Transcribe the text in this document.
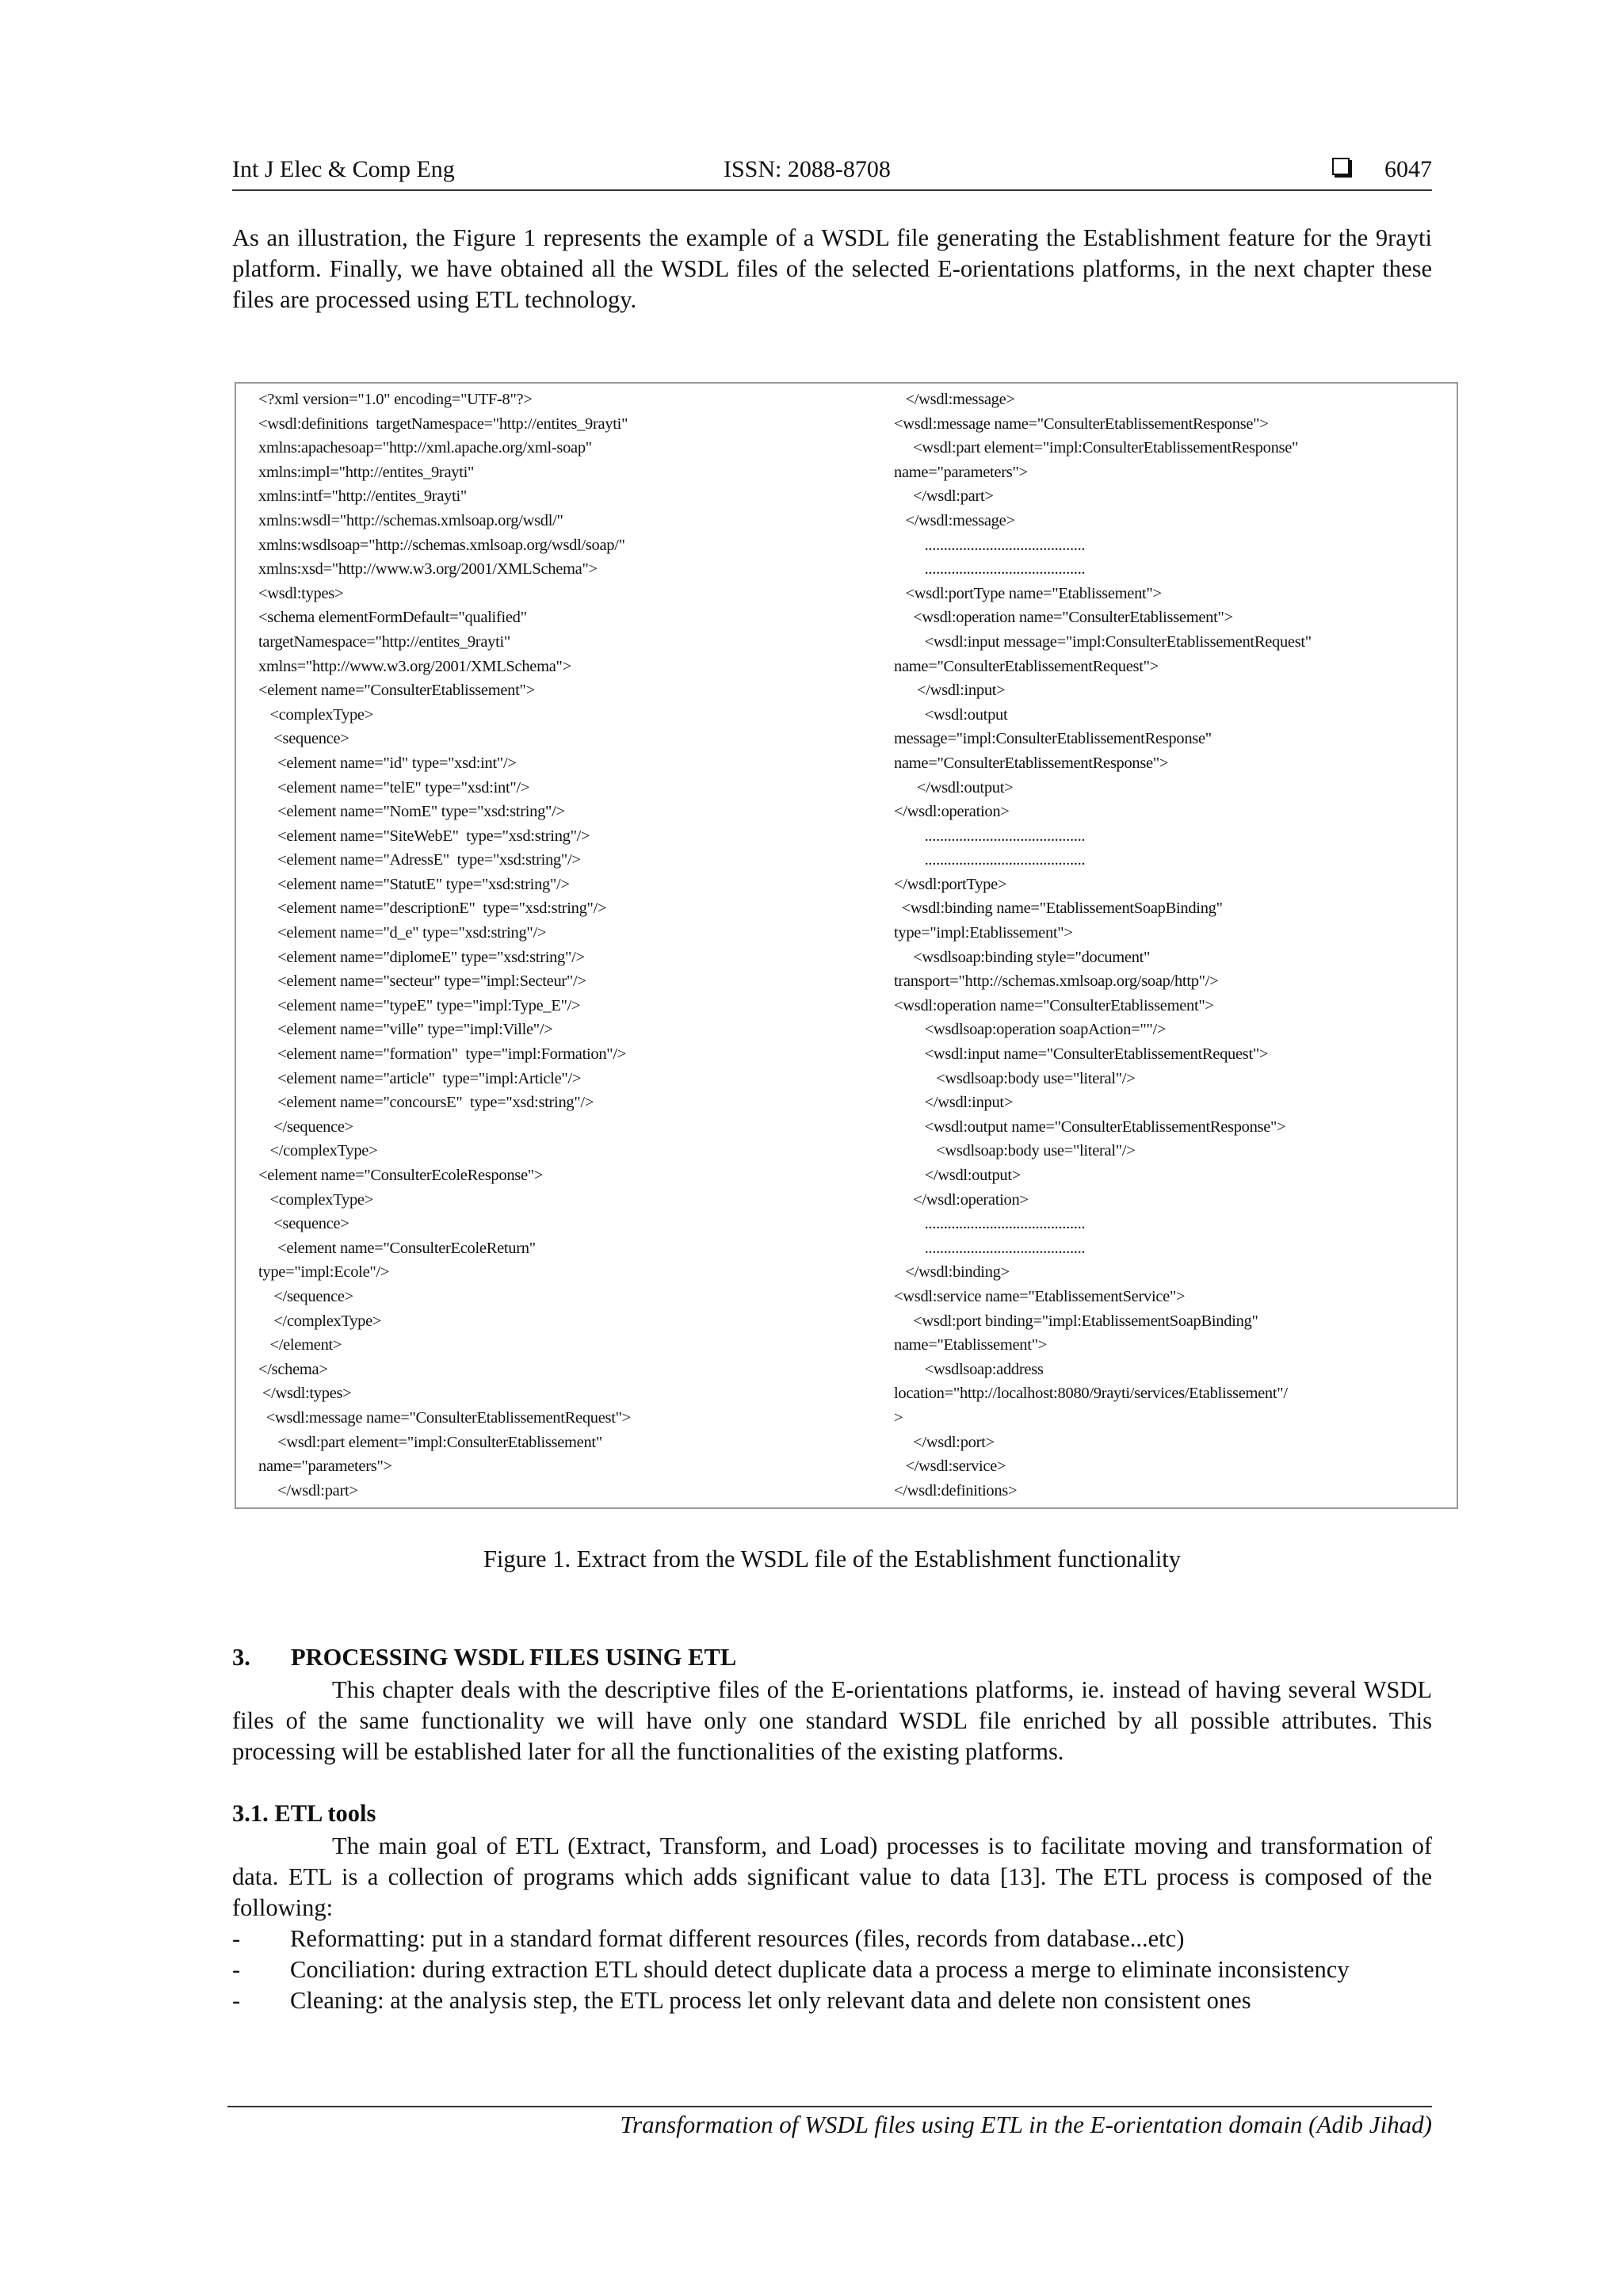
Int J Elec & Comp Eng	ISSN: 2088-8708	6047
As an illustration, the Figure 1 represents the example of a WSDL file generating the Establishment feature for the 9rayti platform. Finally, we have obtained all the WSDL files of the selected E-orientations platforms, in the next chapter these files are processed using ETL technology.
<?xml version="1.0" encoding="UTF-8"?>
<wsdl:definitions  targetNamespace="http://entites_9rayti"
xmlns:apachesoap="http://xml.apache.org/xml-soap"
xmlns:impl="http://entites_9rayti"
xmlns:intf="http://entites_9rayti"
xmlns:wsdl="http://schemas.xmlsoap.org/wsdl/"
xmlns:wsdlsoap="http://schemas.xmlsoap.org/wsdl/soap/"
xmlns:xsd="http://www.w3.org/2001/XMLSchema">
<wsdl:types>
<schema elementFormDefault="qualified"
targetNamespace="http://entites_9rayti"
xmlns="http://www.w3.org/2001/XMLSchema">
<element name="ConsulterEtablissement">
<complexType>
<sequence>
<element name="id" type="xsd:int"/>
<element name="telE" type="xsd:int"/>
<element name="NomE" type="xsd:string"/>
<element name="SiteWebE"  type="xsd:string"/>
<element name="AdressE"  type="xsd:string"/>
<element name="StatutE" type="xsd:string"/>
<element name="descriptionE"  type="xsd:string"/>
<element name="d_e" type="xsd:string"/>
<element name="diplomeE" type="xsd:string"/>
<element name="secteur" type="impl:Secteur"/>
<element name="typeE" type="impl:Type_E"/>
<element name="ville" type="impl:Ville"/>
<element name="formation"  type="impl:Formation"/>
<element name="article"  type="impl:Article"/>
<element name="concoursE"  type="xsd:string"/>
</sequence>
</complexType>
<element name="ConsulterEcoleResponse">
<complexType>
<sequence>
<element name="ConsulterEcoleReturn"
type="impl:Ecole"/>
</sequence>
</complexType>
</element>
</schema>
</wsdl:types>
<wsdl:message name="ConsulterEtablissementRequest">
<wsdl:part element="impl:ConsulterEtablissement"
name="parameters">
</wsdl:part>
</wsdl:message>
<wsdl:message name="ConsulterEtablissementResponse">
<wsdl:part element="impl:ConsulterEtablissementResponse"
name="parameters">
</wsdl:part>
</wsdl:message>
..........................................
..........................................
<wsdl:portType name="Etablissement">
<wsdl:operation name="ConsulterEtablissement">
<wsdl:input message="impl:ConsulterEtablissementRequest"
name="ConsulterEtablissementRequest">
</wsdl:input>
<wsdl:output
message="impl:ConsulterEtablissementResponse"
name="ConsulterEtablissementResponse">
</wsdl:output>
</wsdl:operation>
..........................................
..........................................
</wsdl:portType>
<wsdl:binding name="EtablissementSoapBinding"
type="impl:Etablissement">
<wsdlsoap:binding style="document"
transport="http://schemas.xmlsoap.org/soap/http"/>
<wsdl:operation name="ConsulterEtablissement">
<wsdlsoap:operation soapAction=""/>
<wsdl:input name="ConsulterEtablissementRequest">
<wsdlsoap:body use="literal"/>
</wsdl:input>
<wsdl:output name="ConsulterEtablissementResponse">
<wsdlsoap:body use="literal"/>
</wsdl:output>
</wsdl:operation>
..........................................
..........................................
</wsdl:binding>
<wsdl:service name="EtablissementService">
<wsdl:port binding="impl:EtablissementSoapBinding"
name="Etablissement">
<wsdlsoap:address
location="http://localhost:8080/9rayti/services/Etablissement"/
>
</wsdl:port>
</wsdl:service>
</wsdl:definitions>
Figure 1. Extract from the WSDL file of the Establishment functionality
3. PROCESSING WSDL FILES USING ETL
This chapter deals with the descriptive files of the E-orientations platforms, ie. instead of having several WSDL files of the same functionality we will have only one standard WSDL file enriched by all possible attributes. This processing will be established later for all the functionalities of the existing platforms.
3.1. ETL tools
The main goal of ETL (Extract, Transform, and Load) processes is to facilitate moving and transformation of data. ETL is a collection of programs which adds significant value to data [13]. The ETL process is composed of the following:
- Reformatting: put in a standard format different resources (files, records from database...etc)
- Conciliation: during extraction ETL should detect duplicate data a process a merge to eliminate inconsistency
- Cleaning: at the analysis step, the ETL process let only relevant data and delete non consistent ones
Transformation of WSDL files using ETL in the E-orientation domain (Adib Jihad)
